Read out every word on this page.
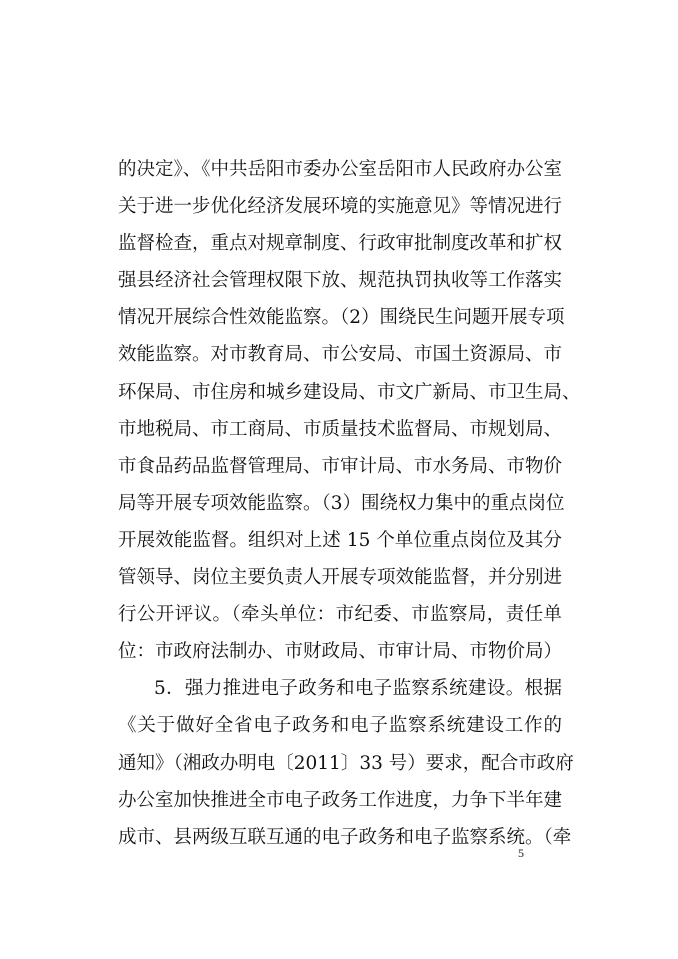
的决定》、《中共岳阳市委办公室岳阳市人民政府办公室
关于进一步优化经济发展环境的实施意见》等情况进行
监督检查，重点对规章制度、行政审批制度改革和扩权
强县经济社会管理权限下放、规范执罚执收等工作落实
情况开展综合性效能监察。（2）围绕民生问题开展专项
效能监察。对市教育局、市公安局、市国土资源局、市
环保局、市住房和城乡建设局、市文广新局、市卫生局、
市地税局、市工商局、市质量技术监督局、市规划局、
市食品药品监督管理局、市审计局、市水务局、市物价
局等开展专项效能监察。（3）围绕权力集中的重点岗位
开展效能监督。组织对上述 15 个单位重点岗位及其分
管领导、岗位主要负责人开展专项效能监督，并分别进
行公开评议。（牵头单位：市纪委、市监察局，责任单
位：市政府法制办、市财政局、市审计局、市物价局）
5．强力推进电子政务和电子监察系统建设。根据
《关于做好全省电子政务和电子监察系统建设工作的
通知》（湘政办明电〔2011〕33 号）要求，配合市政府
办公室加快推进全市电子政务工作进度，力争下半年建
成市、县两级互联互通的电子政务和电子监察系统。（牵
5
